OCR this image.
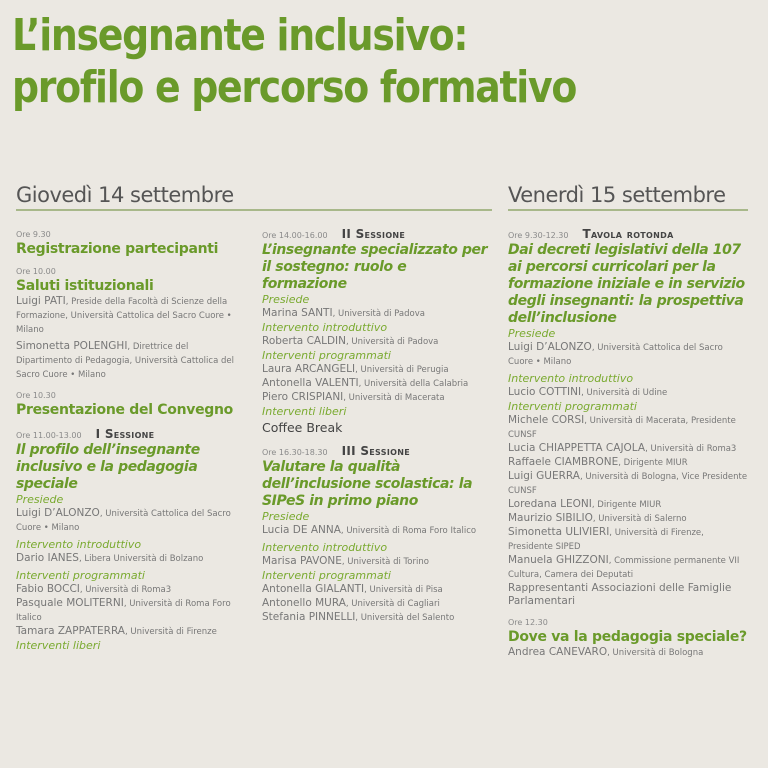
L’insegnante inclusivo:
profilo e percorso formativo
Giovedì 14 settembre	Venerdì 15 settembre
Ore 9.30
Registrazione partecipanti
Ore 10.00
Saluti istituzionali
Luigi PATI, Preside della Facoltà di Scienze della Formazione, Università Cattolica del Sacro Cuore • Milano
Simonetta POLENGHI, Direttrice del Dipartimento di Pedagogia, Università Cattolica del Sacro Cuore • Milano
Ore 10.30
Presentazione del Convegno
Ore 11.00-13.00 I Sessione
Il profilo dell’insegnante inclusivo e la pedagogia speciale
Presiede
Luigi D’ALONZO, Università Cattolica del Sacro Cuore • Milano
Intervento introduttivo
Dario IANES, Libera Università di Bolzano
Interventi programmati
Fabio BOCCI, Università di Roma3
Pasquale MOLITERNI, Università di Roma Foro Italico
Tamara ZAPPATERRA, Università di Firenze
Interventi liberi
Ore 14.00-16.00 II Sessione
L’insegnante specializzato per il sostegno: ruolo e formazione
Presiede
Marina SANTI, Università di Padova
Intervento introduttivo
Roberta CALDIN, Università di Padova
Interventi programmati
Laura ARCANGELI, Università di Perugia
Antonella VALENTI, Università della Calabria
Piero CRISPIANI, Università di Macerata
Interventi liberi
Coffee Break
Ore 16.30-18.30 III Sessione
Valutare la qualità dell’inclusione scolastica: la SIPeS in primo piano
Presiede
Lucia DE ANNA, Università di Roma Foro Italico
Intervento introduttivo
Marisa PAVONE, Università di Torino
Interventi programmati
Antonella GIALANTI, Università di Pisa
Antonello MURA, Università di Cagliari
Stefania PINNELLI, Università del Salento
Ore 9.30-12.30 Tavola rotonda
Dai decreti legislativi della 107 ai percorsi curricolari per la formazione iniziale e in servizio degli insegnanti: la prospettiva dell’inclusione
Presiede
Luigi D’ALONZO, Università Cattolica del Sacro Cuore • Milano
Intervento introduttivo
Lucio COTTINI, Università di Udine
Interventi programmati
Michele CORSI, Università di Macerata, Presidente CUNSF
Lucia CHIAPPETTA CAJOLA, Università di Roma3
Raffaele CIAMBRONE, Dirigente MIUR
Luigi GUERRA, Università di Bologna, Vice Presidente CUNSF
Loredana LEONI, Dirigente MIUR
Maurizio SIBILIO, Università di Salerno
Simonetta ULIVIERI, Università di Firenze, Presidente SIPED
Manuela GHIZZONI, Commissione permanente VII Cultura, Camera dei Deputati
Rappresentanti Associazioni delle Famiglie Parlamentari
Ore 12.30
Dove va la pedagogia speciale?
Andrea CANEVARO, Università di Bologna
